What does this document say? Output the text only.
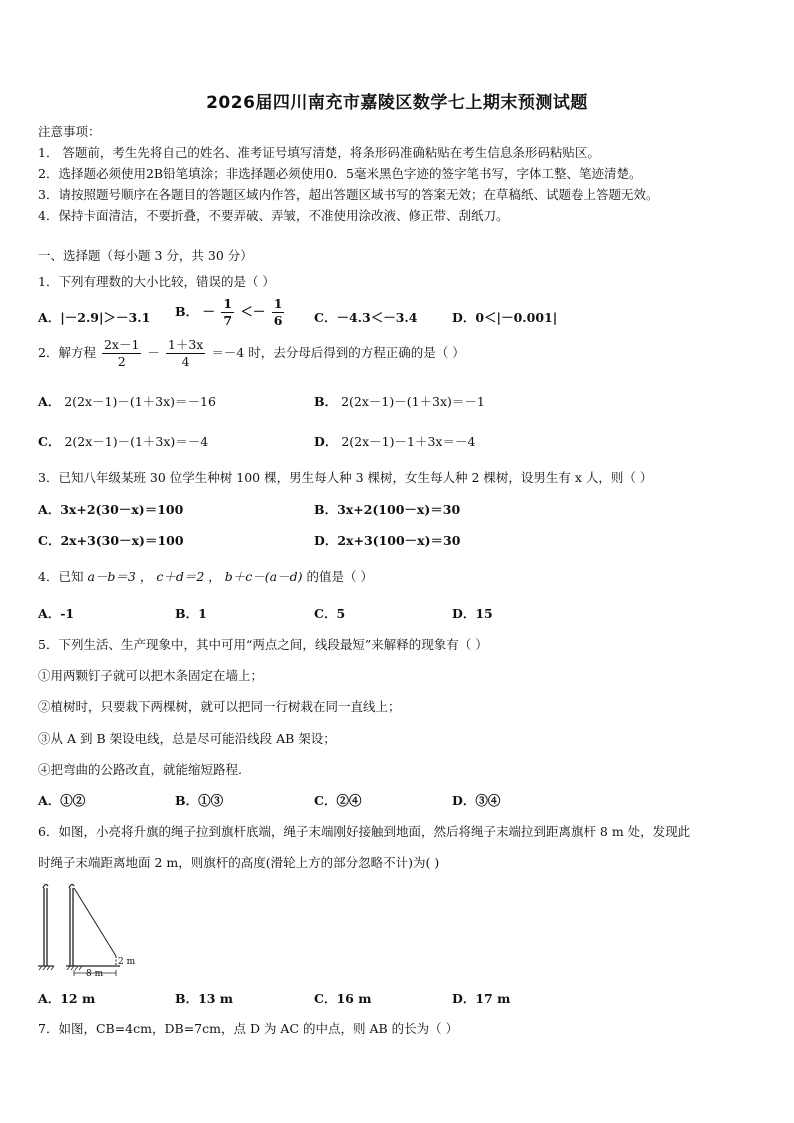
2026届四川南充市嘉陵区数学七上期末预测试题
注意事项：
1． 答题前，考生先将自己的姓名、准考证号填写清楚，将条形码准确粘贴在考生信息条形码粘贴区。
2．选择题必须使用2B铅笔填涂；非选择题必须使用0．5毫米黑色字迹的签字笔书写，字体工整、笔迹清楚。
3．请按照题号顺序在各题目的答题区域内作答，超出答题区域书写的答案无效；在草稿纸、试题卷上答题无效。
4．保持卡面清洁，不要折叠，不要弄破、弄皱，不准使用涂改液、修正带、刮纸刀。
一、选择题（每小题 3 分，共 30 分）
1．下列有理数的大小比较，错误的是（ ）
A．|－2.9|＞－3.1 B． － $\frac{1}{7} <- \frac{1}{6}$ C．－4.3＜－3.4	D．0＜|－0.001|
2．解方程 $\frac{2x-1}{2} - \frac{1+3x}{4} =-4$ 时，去分母后得到的方程正确的是（ ）
A． 2(2x－1)－(1＋3x)＝－16	B． 2(2x－1)－(1＋3x)＝－1
C． 2(2x－1)－(1＋3x)＝－4	D． 2(2x－1)－1＋3x＝－4
3．已知八年级某班 30 位学生种树 100 棵，男生每人种 3 棵树，女生每人种 2 棵树，设男生有 x 人，则（ ）
A．3x+2(30－x)＝100	B．3x+2(100－x)＝30
C．2x+3(30－x)＝100	D．2x+3(100－x)＝30
4．已知 a－b＝3 ， c＋d＝2 ， b＋c－(a－d) 的值是（ ）
A．-1	B．1	C．5	D．15
5．下列生活、生产现象中，其中可用“两点之间，线段最短”来解释的现象有（ ）
①用两颗钉子就可以把木条固定在墙上；
②植树时，只要栽下两棵树，就可以把同一行树栽在同一直线上；
③从 A 到 B 架设电线，总是尽可能沿线段 AB 架设；
④把弯曲的公路改直，就能缩短路程.
A．①②	B．①③	C．②④	D．③④
6．如图，小亮将升旗的绳子拉到旗杆底端，绳子末端刚好接触到地面，然后将绳子末端拉到距离旗杆 8 m 处，发现此
时绳子末端距离地面 2 m，则旗杆的高度(滑轮上方的部分忽略不计)为( )
8 m
2 m
A．12 m	B．13 m	C．16 m	D．17 m
7．如图，CB=4cm，DB=7cm，点 D 为 AC 的中点，则 AB 的长为（ ）
